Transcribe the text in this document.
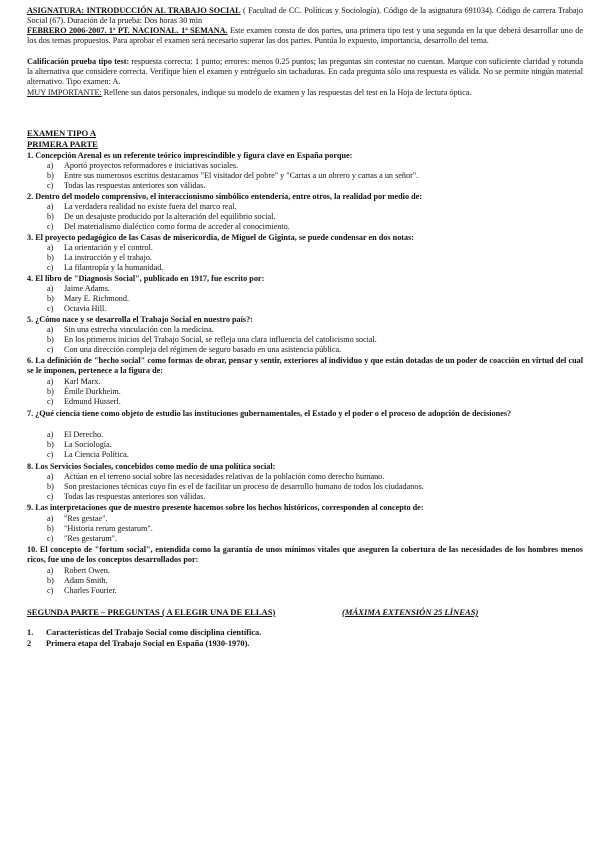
ASIGNATURA: INTRODUCCIÓN AL TRABAJO SOCIAL ( Facultad de CC. Políticas y Sociología). Código de la asignatura 691034). Código de carrera Trabajo Social (67). Duración de la prueba: Dos horas 30 min
FEBRERO 2006-2007. 1ª PT. NACIONAL. 1ª SEMANA. Este examen consta de dos partes, una primera tipo test y una segunda en la que deberá desarrollar uno de los dos temas propuestos. Para aprobar el examen será necesario superar las dos partes. Puntúa lo expuesto, importancia, desarrollo del tema.
Calificación prueba tipo test: respuesta correcta: 1 punto; errores: menos 0.25 puntos; las preguntas sin contestar no cuentan. Marque con suficiente claridad y rotunda la alternativa que considere correcta. Verifique bien el examen y entréguelo sin tachaduras. En cada pregunta sólo una respuesta es válida. No se permite ningún material alternativo. Tipo examen: A.
MUY IMPORTANTE: Rellene sus datos personales, indique su modelo de examen y las respuestas del test en la Hoja de lectura óptica.
EXAMEN TIPO A
PRIMERA PARTE
1. Concepción Arenal es un referente teórico imprescindible y figura clave en España porque:
a) Aportó proyectos reformadores e iniciativas sociales.
b) Entre sus numerosos escritos destacamos "El visitador del pobre" y "Cartas a un obrero y cartas a un señor".
c) Todas las respuestas anteriores son válidas.
2. Dentro del modelo comprensivo, el interaccionismo simbólico entendería, entre otros, la realidad por medio de:
a) La verdadera realidad no existe fuera del marco real.
b) De un desajuste producido por la alteración del equilibrio social.
c) Del materialismo dialéctico como forma de acceder al conocimiento.
3. El proyecto pedagógico de las Casas de misericordia, de Miguel de Giginta, se puede condensar en dos notas:
a) La orientación y el control.
b) La instrucción y el trabajo.
c) La filantropía y la humanidad.
4. El libro de "Diagnosis Social", publicado en 1917, fue escrito por:
a) Jaime Adams.
b) Mary E. Richmond.
c) Octavia Hill.
5. ¿Cómo nace y se desarrolla el Trabajo Social en nuestro país?:
a) Sin una estrecha vinculación con la medicina.
b) En los primeros inicios del Trabajo Social, se refleja una clara influencia del catolicismo social.
c) Con una dirección compleja del régimen de seguro basado en una asistencia pública.
6. La definición de "hecho social" como formas de obrar, pensar y sentir, exteriores al individuo y que están dotadas de un poder de coacción en virtud del cual se le imponen, pertenece a la figura de:
a) Karl Marx.
b) Émile Durkheim.
c) Edmund Husserl.
7. ¿Qué ciencia tiene como objeto de estudio las instituciones gubernamentales, el Estado y el poder o el proceso de adopción de decisiones?
a) El Derecho.
b) La Sociología.
c) La Ciencia Política.
8. Los Servicios Sociales, concebidos como medio de una política social:
a) Actúan en el terreno social sobre las necesidades relativas de la población como derecho humano.
b) Son prestaciones técnicas cuyo fin es el de facilitar un proceso de desarrollo humano de todos los ciudadanos.
c) Todas las respuestas anteriores son válidas.
9. Las interpretaciones que de nuestro presente hacemos sobre los hechos históricos, corresponden al concepto de:
a) "Res gestae".
b) "Historia rerum gestarum".
c) "Res gestarum".
10. El concepto de "fortum social", entendida como la garantía de unos mínimos vitales que aseguren la cobertura de las necesidades de los hombres menos ricos, fue uno de los conceptos desarrollados por:
a) Robert Owen.
b) Adam Smith.
c) Charles Fourier.
SEGUNDA PARTE – PREGUNTAS ( A ELEGIR UNA DE ELLAS)	(MÁXIMA EXTENSIÓN 25 LÍNEAS)
1. Características del Trabajo Social como disciplina científica.
2 Primera etapa del Trabajo Social en España (1930-1970).
